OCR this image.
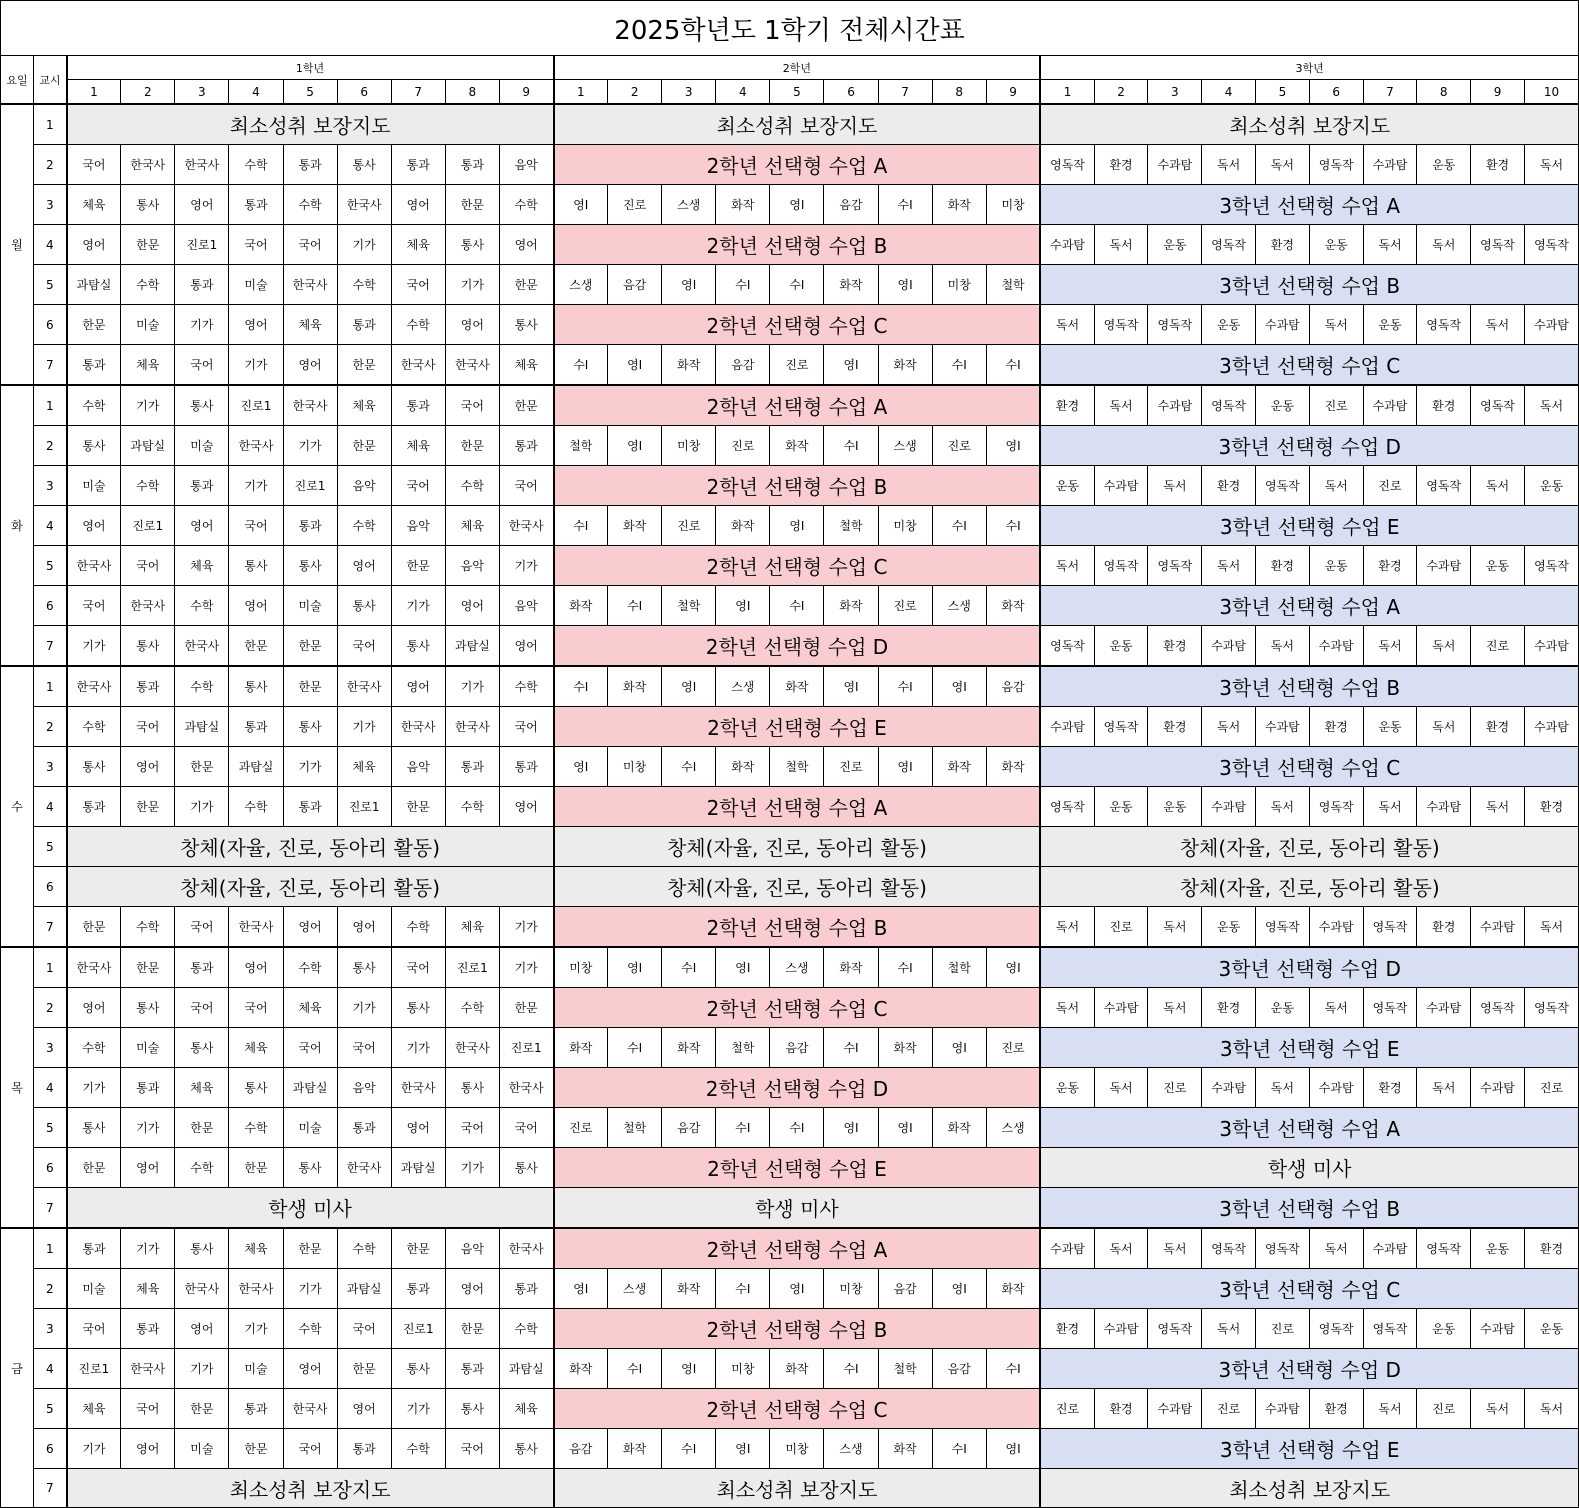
2025학년도 1학기 전체시간표
요일	교시	1학년									2학년									3학년									
		1	2	3	4	5	6	7	8	9	1	2	3	4	5	6	7	8	9	1	2	3	4	5	6	7	8	9	10
월	1	최소성취 보장지도									최소성취 보장지도									최소성취 보장지도									
	2	국어	한국사	한국사	수학	통과	통사	통과	통과	음악	2학년 선택형 수업 A									영독작	환경	수과탐	독서	독서	영독작	수과탐	운동	환경	독서
	3	체육	통사	영어	통과	수학	한국사	영어	한문	수학	영Ⅰ	진로	스생	화작	영Ⅰ	음감	수Ⅰ	화작	미창	3학년 선택형 수업 A									
	4	영어	한문	진로1	국어	국어	기가	체육	통사	영어	2학년 선택형 수업 B									수과탐	독서	운동	영독작	환경	운동	독서	독서	영독작	영독작
	5	과탐실	수학	통과	미술	한국사	수학	국어	기가	한문	스생	음감	영Ⅰ	수Ⅰ	수Ⅰ	화작	영Ⅰ	미창	철학	3학년 선택형 수업 B									
	6	한문	미술	기가	영어	체육	통과	수학	영어	통사	2학년 선택형 수업 C									독서	영독작	영독작	운동	수과탐	독서	운동	영독작	독서	수과탐
	7	통과	체육	국어	기가	영어	한문	한국사	한국사	체육	수Ⅰ	영Ⅰ	화작	음감	진로	영Ⅰ	화작	수Ⅰ	수Ⅰ	3학년 선택형 수업 C									
화	1	수학	기가	통사	진로1	한국사	체육	통과	국어	한문	2학년 선택형 수업 A									환경	독서	수과탐	영독작	운동	진로	수과탐	환경	영독작	독서
	2	통사	과탐실	미술	한국사	기가	한문	체육	한문	통과	철학	영Ⅰ	미창	진로	화작	수Ⅰ	스생	진로	영Ⅰ	3학년 선택형 수업 D									
	3	미술	수학	통과	기가	진로1	음악	국어	수학	국어	2학년 선택형 수업 B									운동	수과탐	독서	환경	영독작	독서	진로	영독작	독서	운동
	4	영어	진로1	영어	국어	통과	수학	음악	체육	한국사	수Ⅰ	화작	진로	화작	영Ⅰ	철학	미창	수Ⅰ	수Ⅰ	3학년 선택형 수업 E									
	5	한국사	국어	체육	통사	통사	영어	한문	음악	기가	2학년 선택형 수업 C									독서	영독작	영독작	독서	환경	운동	환경	수과탐	운동	영독작
	6	국어	한국사	수학	영어	미술	통사	기가	영어	음악	화작	수Ⅰ	철학	영Ⅰ	수Ⅰ	화작	진로	스생	화작	3학년 선택형 수업 A									
	7	기가	통사	한국사	한문	한문	국어	통사	과탐실	영어	2학년 선택형 수업 D									영독작	운동	환경	수과탐	독서	수과탐	독서	독서	진로	수과탐
수	1	한국사	통과	수학	통사	한문	한국사	영어	기가	수학	수Ⅰ	화작	영Ⅰ	스생	화작	영Ⅰ	수Ⅰ	영Ⅰ	음감	3학년 선택형 수업 B									
	2	수학	국어	과탐실	통과	통사	기가	한국사	한국사	국어	2학년 선택형 수업 E									수과탐	영독작	환경	독서	수과탐	환경	운동	독서	환경	수과탐
	3	통사	영어	한문	과탐실	기가	체육	음악	통과	통과	영Ⅰ	미창	수Ⅰ	화작	철학	진로	영Ⅰ	화작	화작	3학년 선택형 수업 C									
	4	통과	한문	기가	수학	통과	진로1	한문	수학	영어	2학년 선택형 수업 A									영독작	운동	운동	수과탐	독서	영독작	독서	수과탐	독서	환경
	5	창체(자율, 진로, 동아리 활동)									창체(자율, 진로, 동아리 활동)									창체(자율, 진로, 동아리 활동)									
	6	창체(자율, 진로, 동아리 활동)									창체(자율, 진로, 동아리 활동)									창체(자율, 진로, 동아리 활동)									
	7	한문	수학	국어	한국사	영어	영어	수학	체육	기가	2학년 선택형 수업 B									독서	진로	독서	운동	영독작	수과탐	영독작	환경	수과탐	독서
목	1	한국사	한문	통과	영어	수학	통사	국어	진로1	기가	미창	영Ⅰ	수Ⅰ	영Ⅰ	스생	화작	수Ⅰ	철학	영Ⅰ	3학년 선택형 수업 D									
	2	영어	통사	국어	국어	체육	기가	통사	수학	한문	2학년 선택형 수업 C									독서	수과탐	독서	환경	운동	독서	영독작	수과탐	영독작	영독작
	3	수학	미술	통사	체육	국어	국어	기가	한국사	진로1	화작	수Ⅰ	화작	철학	음감	수Ⅰ	화작	영Ⅰ	진로	3학년 선택형 수업 E									
	4	기가	통과	체육	통사	과탐실	음악	한국사	통사	한국사	2학년 선택형 수업 D									운동	독서	진로	수과탐	독서	수과탐	환경	독서	수과탐	진로
	5	통사	기가	한문	수학	미술	통과	영어	국어	국어	진로	철학	음감	수Ⅰ	수Ⅰ	영Ⅰ	영Ⅰ	화작	스생	3학년 선택형 수업 A									
	6	한문	영어	수학	한문	통사	한국사	과탐실	기가	통사	2학년 선택형 수업 E									학생 미사									
	7	학생 미사									학생 미사									3학년 선택형 수업 B									
금	1	통과	기가	통사	체육	한문	수학	한문	음악	한국사	2학년 선택형 수업 A									수과탐	독서	독서	영독작	영독작	독서	수과탐	영독작	운동	환경
	2	미술	체육	한국사	한국사	기가	과탐실	통과	영어	통과	영Ⅰ	스생	화작	수Ⅰ	영Ⅰ	미창	음감	영Ⅰ	화작	3학년 선택형 수업 C									
	3	국어	통과	영어	기가	수학	국어	진로1	한문	수학	2학년 선택형 수업 B									환경	수과탐	영독작	독서	진로	영독작	영독작	운동	수과탐	운동
	4	진로1	한국사	기가	미술	영어	한문	통사	통과	과탐실	화작	수Ⅰ	영Ⅰ	미창	화작	수Ⅰ	철학	음감	수Ⅰ	3학년 선택형 수업 D									
	5	체육	국어	한문	통과	한국사	영어	기가	통사	체육	2학년 선택형 수업 C									진로	환경	수과탐	진로	수과탐	환경	독서	진로	독서	독서
	6	기가	영어	미술	한문	국어	통과	수학	국어	통사	음감	화작	수Ⅰ	영Ⅰ	미창	스생	화작	수Ⅰ	영Ⅰ	3학년 선택형 수업 E									
	7	최소성취 보장지도									최소성취 보장지도									최소성취 보장지도									
